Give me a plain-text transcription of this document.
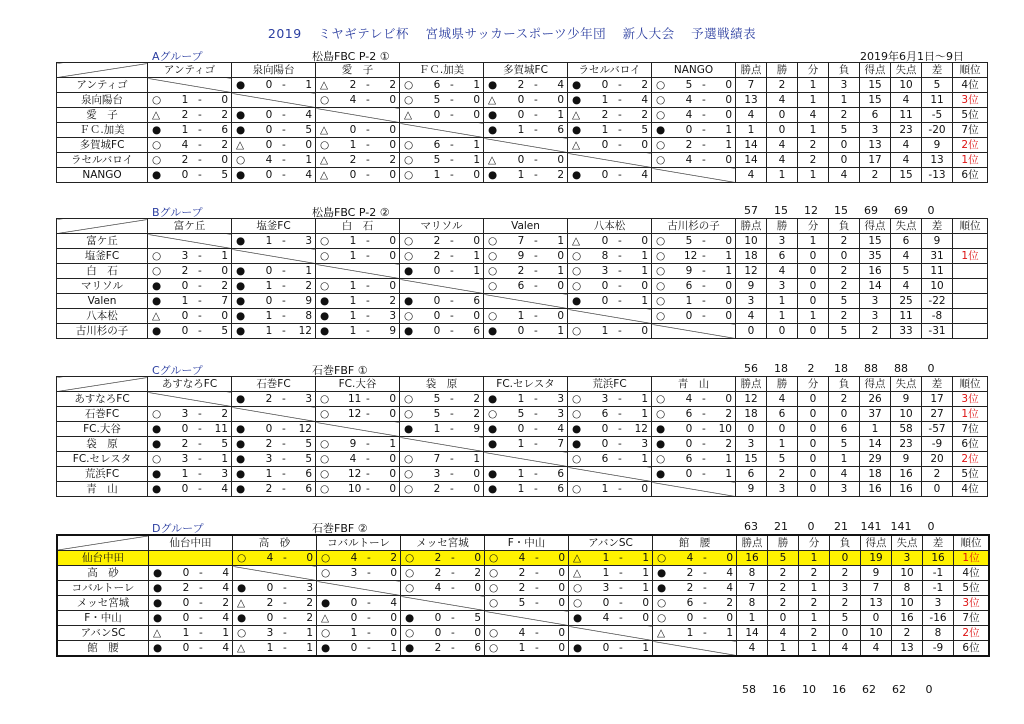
2019 ミヤギテレビ杯 宮城県サッカースポーツ少年団 新人大会 予選戦績表
Aグループ	松島FBC P-2 ①	2019年6月1日～9日
	アンティゴ	泉向陽台	愛　子	ＦＣ.加美	多賀城FC	ラセルバロイ	NANGO	勝点	勝	分	負	得点	失点	差	順位
アンティゴ		● 0 - 1	△ 2 - 2	○ 6 - 1	● 2 - 4	● 0 - 2	○ 5 - 0	7	2	1	3	15	10	5	4位
泉向陽台	○ 1 - 0		○ 4 - 0	○ 5 - 0	△ 0 - 0	● 1 - 4	○ 4 - 0	13	4	1	1	15	4	11	3位
愛　子	△ 2 - 2	● 0 - 4		△ 0 - 0	● 0 - 1	△ 2 - 2	○ 4 - 0	4	0	4	2	6	11	-5	5位
ＦＣ.加美	● 1 - 6	● 0 - 5	△ 0 - 0		● 1 - 6	● 1 - 5	● 0 - 1	1	0	1	5	3	23	-20	7位
多賀城FC	○ 4 - 2	△ 0 - 0	○ 1 - 0	○ 6 - 1		△ 0 - 0	○ 2 - 1	14	4	2	0	13	4	9	2位
ラセルバロイ	○ 2 - 0	○ 4 - 1	△ 2 - 2	○ 5 - 1	△ 0 - 0		○ 4 - 0	14	4	2	0	17	4	13	1位
NANGO	● 0 - 5	● 0 - 4	△ 0 - 0	○ 1 - 0	● 1 - 2	● 0 - 4		4	1	1	4	2	15	-13	6位
Bグループ	松島FBC P-2 ②	57 15 12 15 69 69 0
	富ケ丘	塩釜FC	白　石	マリソル	Valen	八本松	古川杉の子	勝点	勝	分	負	得点	失点	差	順位
富ケ丘		● 1 - 3	○ 1 - 0	○ 2 - 0	○ 7 - 1	△ 0 - 0	○ 5 - 0	10	3	1	2	15	6	9	
塩釜FC	○ 3 - 1		○ 1 - 0	○ 2 - 1	○ 9 - 0	○ 8 - 1	○ 12 - 1	18	6	0	0	35	4	31	1位
白　石	○ 2 - 0	● 0 - 1		● 0 - 1	○ 2 - 1	○ 3 - 1	○ 9 - 1	12	4	0	2	16	5	11	
マリソル	● 0 - 2	● 1 - 2	○ 1 - 0		○ 6 - 0	○ 0 - 0	○ 6 - 0	9	3	0	2	14	4	10	
Valen	● 1 - 7	● 0 - 9	● 1 - 2	● 0 - 6		● 0 - 1	○ 1 - 0	3	1	0	5	3	25	-22	
八本松	△ 0 - 0	● 1 - 8	● 1 - 3	○ 0 - 0	○ 1 - 0		○ 0 - 0	4	1	1	2	3	11	-8	
古川杉の子	● 0 - 5	● 1 - 12	● 1 - 9	● 0 - 6	● 0 - 1	○ 1 - 0		0	0	0	5	2	33	-31	
Cグループ	石巻FBF ①	56 18 2 18 88 88 0
	あすなろFC	石巻FC	FC.大谷	袋　原	FC.セレスタ	荒浜FC	青　山	勝点	勝	分	負	得点	失点	差	順位
あすなろFC		● 2 - 3	○ 11 - 0	○ 5 - 2	● 1 - 3	○ 3 - 1	○ 4 - 0	12	4	0	2	26	9	17	3位
石巻FC	○ 3 - 2		○ 12 - 0	○ 5 - 2	○ 5 - 3	○ 6 - 1	○ 6 - 2	18	6	0	0	37	10	27	1位
FC.大谷	● 0 - 11	● 0 - 12		● 1 - 9	● 0 - 4	● 0 - 12	● 0 - 10	0	0	0	6	1	58	-57	7位
袋　原	● 2 - 5	● 2 - 5	○ 9 - 1		● 1 - 7	● 0 - 3	● 0 - 2	3	1	0	5	14	23	-9	6位
FC.セレスタ	○ 3 - 1	● 3 - 5	○ 4 - 0	○ 7 - 1		○ 6 - 1	○ 6 - 1	15	5	0	1	29	9	20	2位
荒浜FC	● 1 - 3	● 1 - 6	○ 12 - 0	○ 3 - 0	● 1 - 6		● 0 - 1	6	2	0	4	18	16	2	5位
青　山	● 0 - 4	● 2 - 6	○ 10 - 0	○ 2 - 0	● 1 - 6	○ 1 - 0		9	3	0	3	16	16	0	4位
Dグループ	石巻FBF ②	63 21 0 21 141 141 0
	仙台中田	高　砂	コバルトーレ	メッセ宮城	F・中山	アバンSC	館　腰	勝点	勝	分	負	得点	失点	差	順位
仙台中田		○ 4 - 0	○ 4 - 2	○ 2 - 0	○ 4 - 0	△ 1 - 1	○ 4 - 0	16	5	1	0	19	3	16	1位
高　砂	● 0 - 4		○ 3 - 0	○ 2 - 2	○ 2 - 0	△ 1 - 1	● 2 - 4	8	2	2	2	9	10	-1	4位
コバルトーレ	● 2 - 4	● 0 - 3		○ 4 - 0	○ 2 - 0	○ 3 - 1	● 2 - 4	7	2	1	3	7	8	-1	5位
メッセ宮城	● 0 - 2	△ 2 - 2	● 0 - 4		○ 5 - 0	○ 0 - 0	○ 6 - 2	8	2	2	2	13	10	3	3位
F・中山	● 0 - 4	● 0 - 2	△ 0 - 0	● 0 - 5		● 4 - 0	○ 0 - 0	1	0	1	5	0	16	-16	7位
アバンSC	△ 1 - 1	○ 3 - 1	○ 1 - 0	○ 0 - 0	○ 4 - 0		△ 1 - 1	14	4	2	0	10	2	8	2位
館　腰	● 0 - 4	△ 1 - 1	● 0 - 1	● 2 - 6	○ 1 - 0	● 0 - 1		4	1	1	4	4	13	-9	6位
58 16 10 16 62 62 0
